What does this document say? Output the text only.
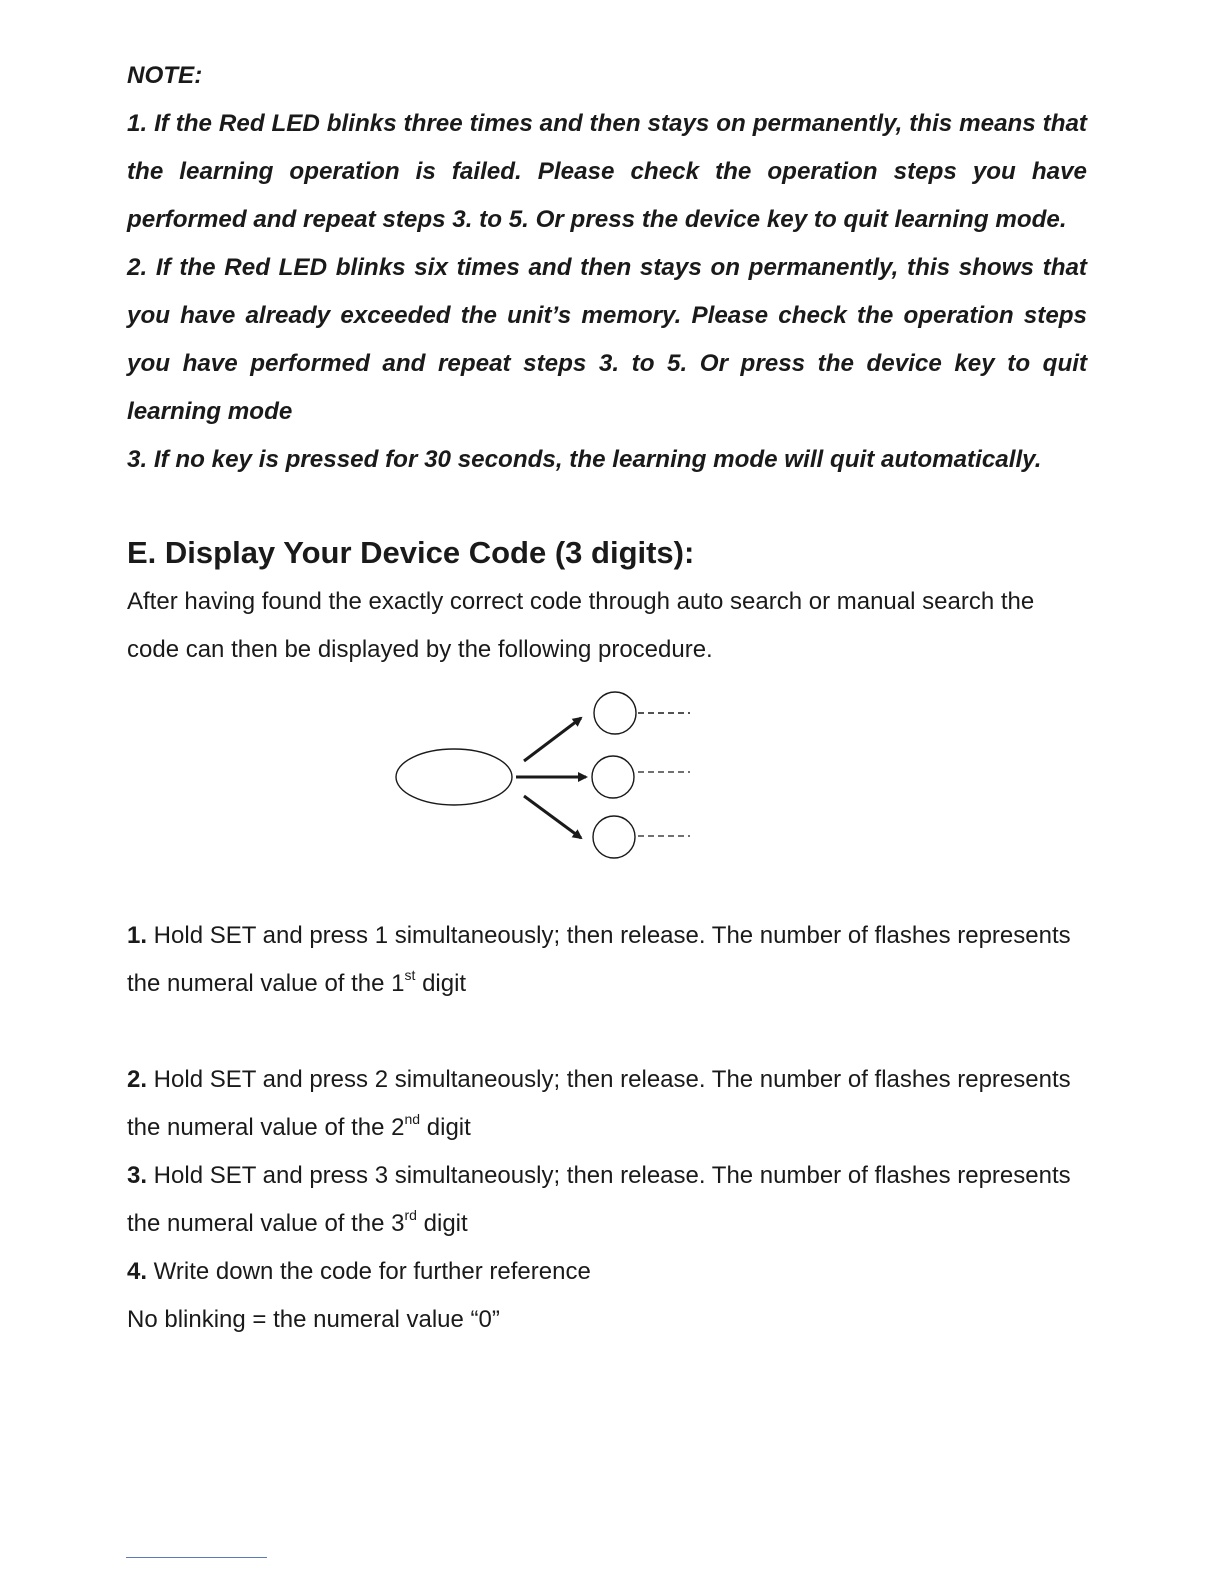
NOTE:

1. If the Red LED blinks three times and then stays on permanently, this means that the learning operation is failed. Please check the operation steps you have performed and repeat steps 3. to 5. Or press the device key to quit learning mode.

2. If the Red LED blinks six times and then stays on permanently, this shows that you have already exceeded the unit’s memory. Please check the operation steps you have performed and repeat steps 3. to 5. Or press the device key to quit learning mode

3. If no key is pressed for 30 seconds, the learning mode will quit automatically.

E. Display Your Device Code (3 digits):

After having found the exactly correct code through auto search or manual search the code can then be displayed by the following procedure.

1. Hold SET and press 1 simultaneously; then release. The number of flashes represents the numeral value of the 1st digit

2. Hold SET and press 2 simultaneously; then release. The number of flashes represents the numeral value of the 2nd digit

3. Hold SET and press 3 simultaneously; then release. The number of flashes represents the numeral value of the 3rd digit

4. Write down the code for further reference

No blinking = the numeral value “0”
